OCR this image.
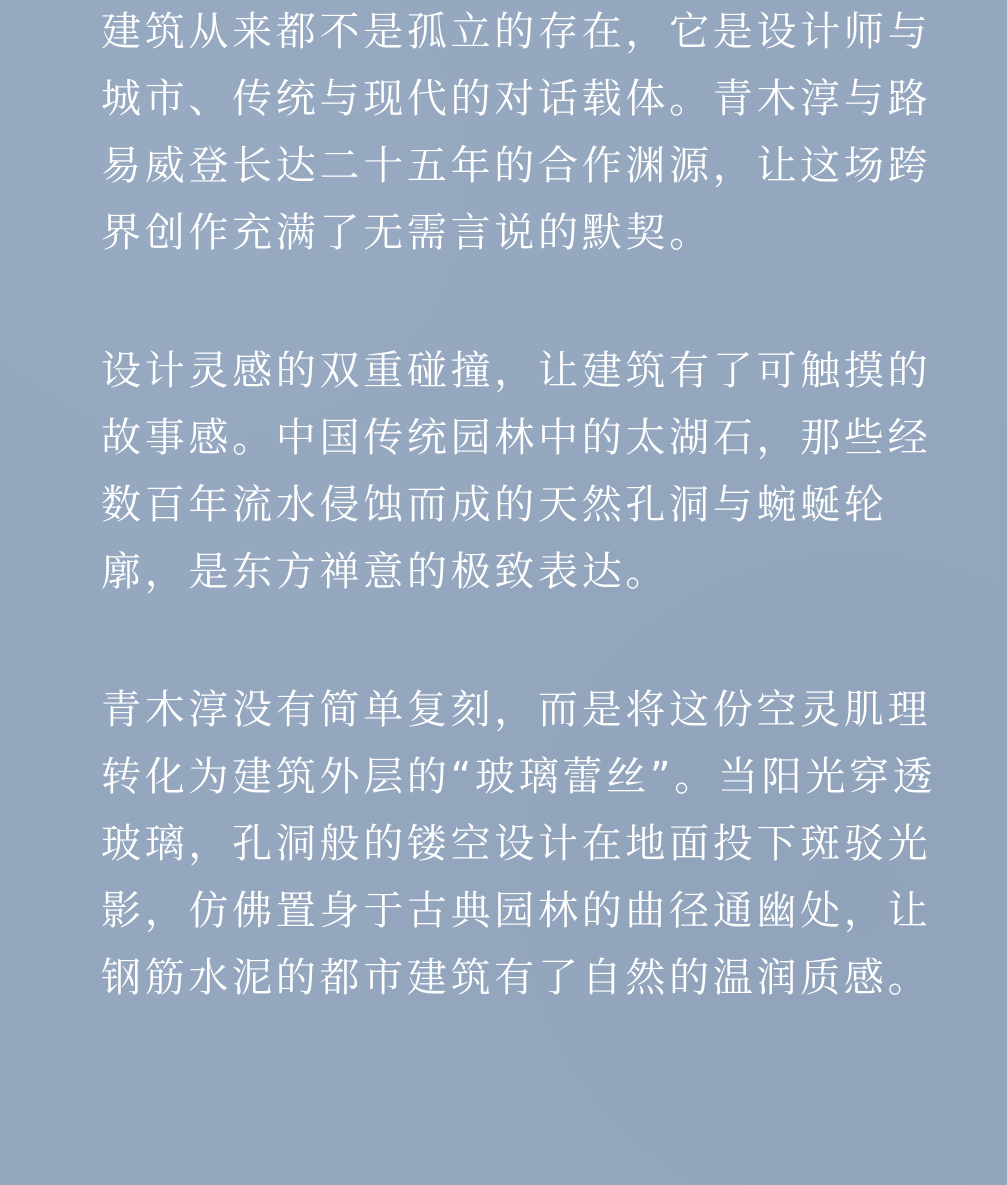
建筑从来都不是孤立的存在，它是设计师与
城市、传统与现代的对话载体。青木淳与路
易威登长达二十五年的合作渊源，让这场跨
界创作充满了无需言说的默契。

设计灵感的双重碰撞，让建筑有了可触摸的
故事感。中国传统园林中的太湖石，那些经
数百年流水侵蚀而成的天然孔洞与蜿蜒轮
廓，是东方禅意的极致表达。

青木淳没有简单复刻，而是将这份空灵肌理
转化为建筑外层的“玻璃蕾丝”。当阳光穿透
玻璃，孔洞般的镂空设计在地面投下斑驳光
影，仿佛置身于古典园林的曲径通幽处，让
钢筋水泥的都市建筑有了自然的温润质感。
